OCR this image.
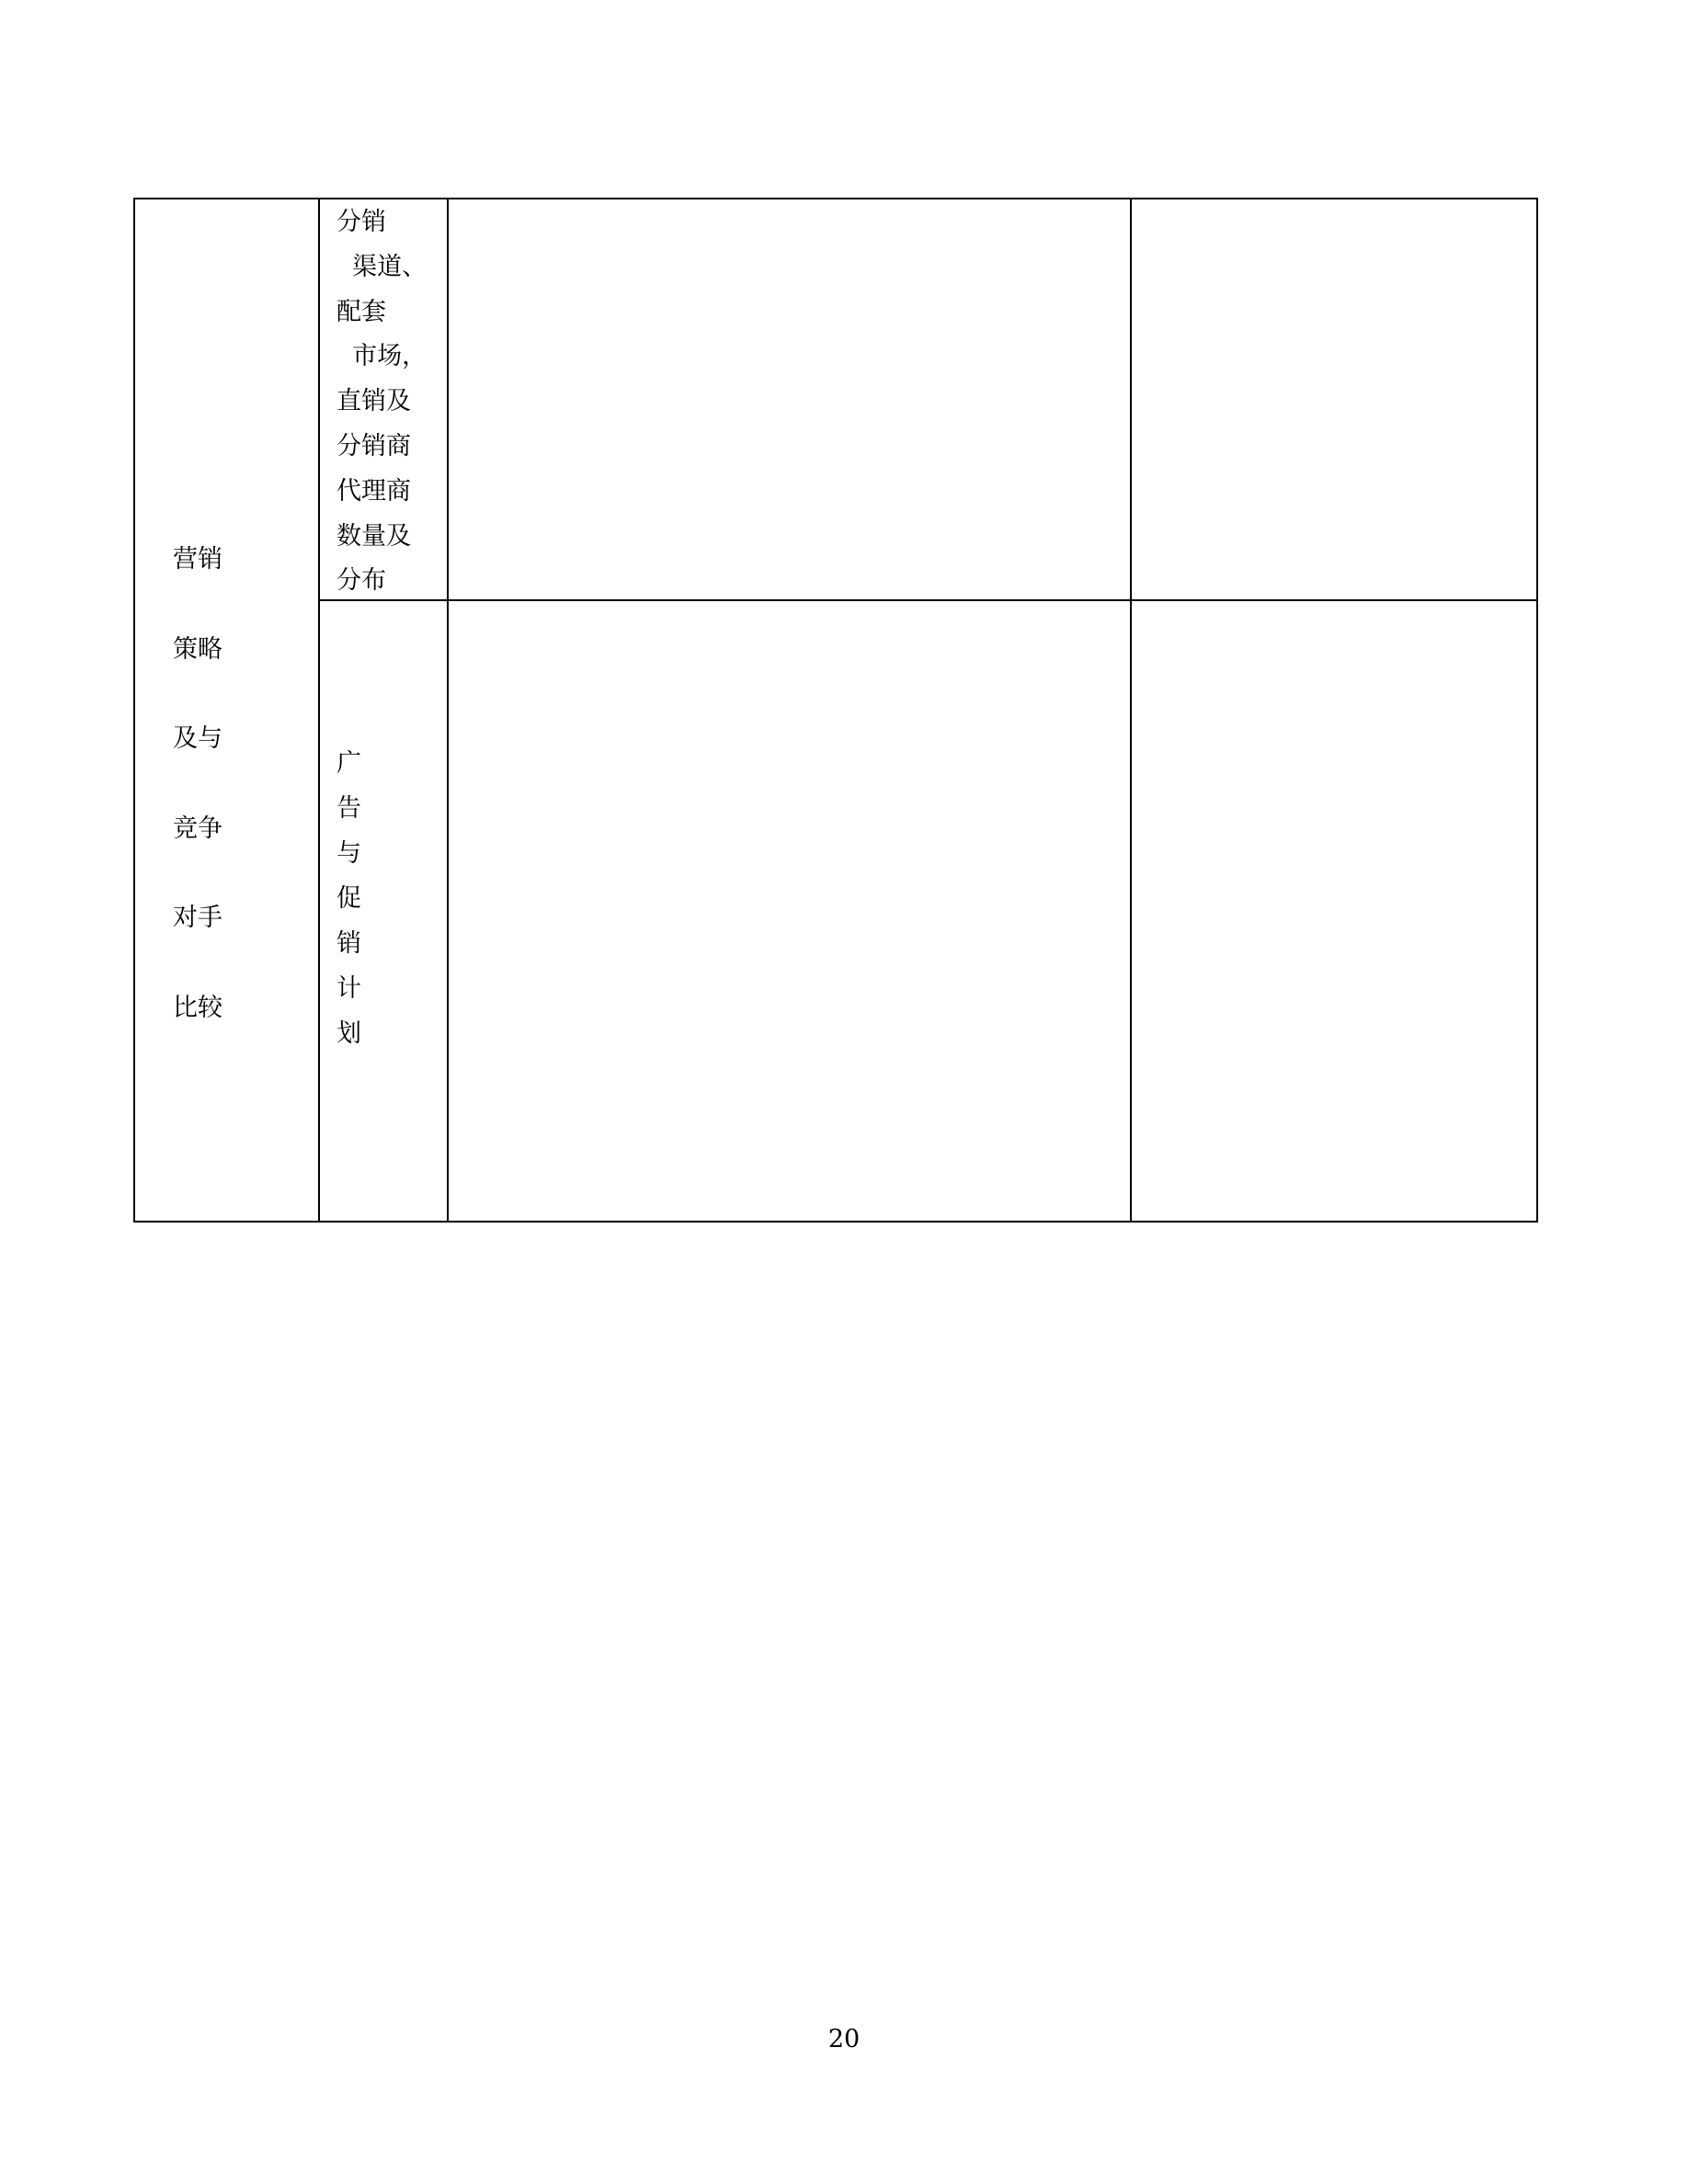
营销
策略
及与
竞争
对手
比较
分销
渠道、
配套
市场，
直销及
分销商
代理商
数量及
分布
广
告
与
促
销
计
划
20
